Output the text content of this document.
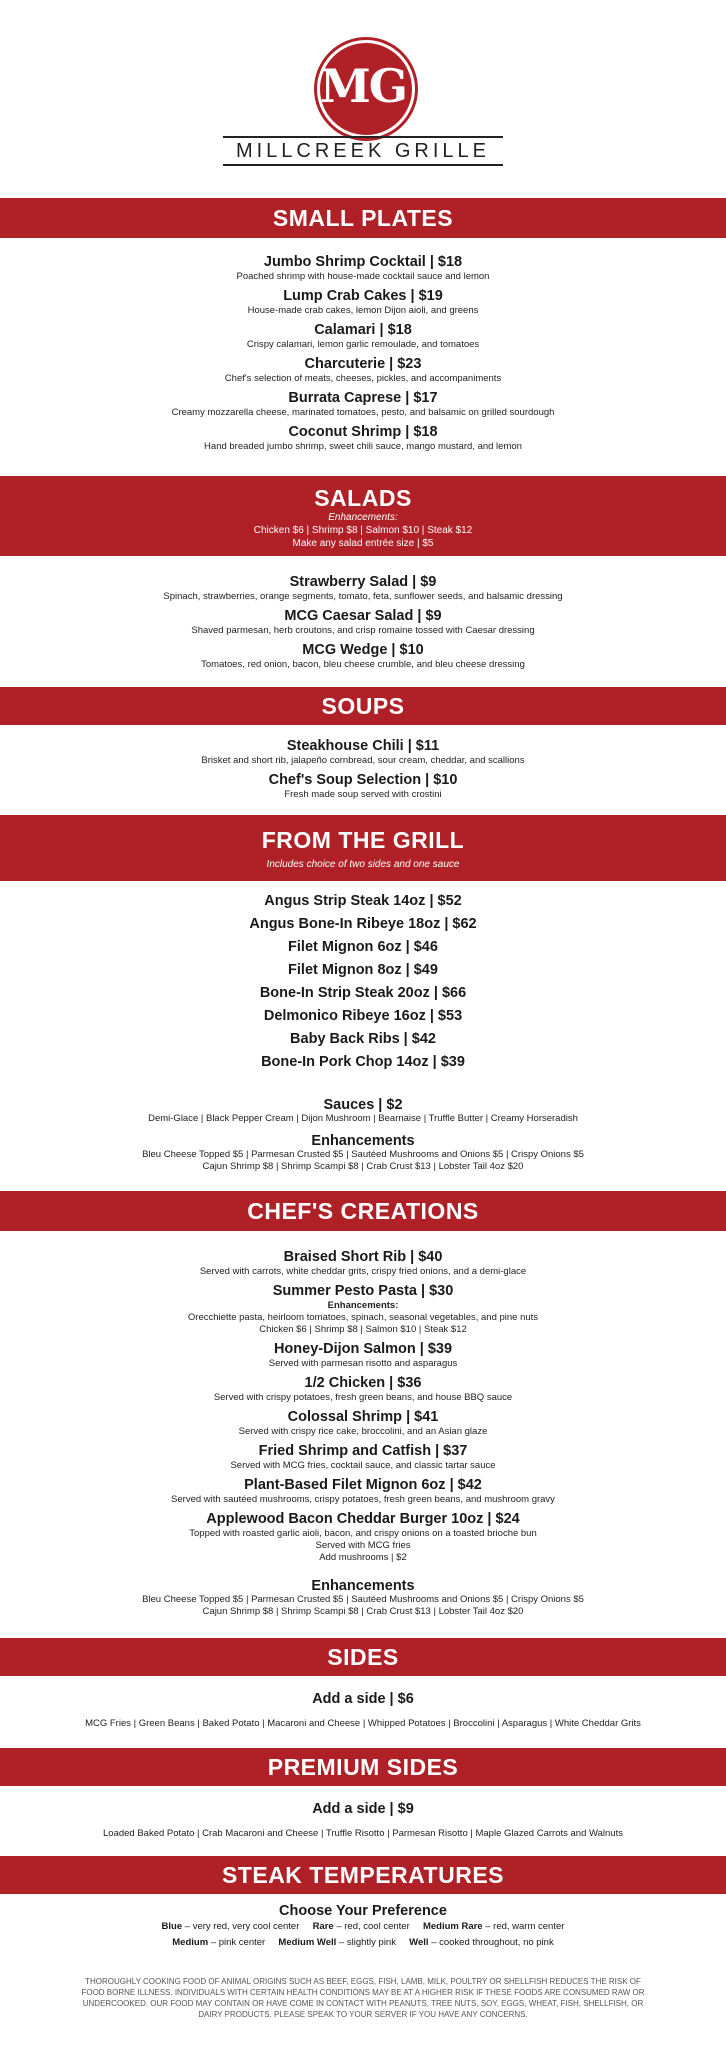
MG
MILLCREEK GRILLE
SMALL PLATES
Jumbo Shrimp Cocktail | $18
Poached shrimp with house-made cocktail sauce and lemon
Lump Crab Cakes | $19
House-made crab cakes, lemon Dijon aioli, and greens
Calamari | $18
Crispy calamari, lemon garlic remoulade, and tomatoes
Charcuterie | $23
Chef's selection of meats, cheeses, pickles, and accompaniments
Burrata Caprese | $17
Creamy mozzarella cheese, marinated tomatoes, pesto, and balsamic on grilled sourdough
Coconut Shrimp | $18
Hand breaded jumbo shrimp, sweet chili sauce, mango mustard, and lemon
SALADS
Enhancements:
Chicken $6 | Shrimp $8 | Salmon $10 | Steak $12
Make any salad entrée size | $5
Strawberry Salad | $9
Spinach, strawberries, orange segments, tomato, feta, sunflower seeds, and balsamic dressing
MCG Caesar Salad | $9
Shaved parmesan, herb croutons, and crisp romaine tossed with Caesar dressing
MCG Wedge | $10
Tomatoes, red onion, bacon, bleu cheese crumble, and bleu cheese dressing
SOUPS
Steakhouse Chili | $11
Brisket and short rib, jalapeño cornbread, sour cream, cheddar, and scallions
Chef's Soup Selection | $10
Fresh made soup served with crostini
FROM THE GRILL
Includes choice of two sides and one sauce
Angus Strip Steak 14oz | $52
Angus Bone-In Ribeye 18oz | $62
Filet Mignon 6oz | $46
Filet Mignon 8oz | $49
Bone-In Strip Steak 20oz | $66
Delmonico Ribeye 16oz | $53
Baby Back Ribs | $42
Bone-In Pork Chop 14oz | $39
Sauces | $2
Demi-Glace | Black Pepper Cream | Dijon Mushroom | Bearnaise | Truffle Butter | Creamy Horseradish
Enhancements
Bleu Cheese Topped $5 | Parmesan Crusted $5 | Sautéed Mushrooms and Onions $5 | Crispy Onions $5
Cajun Shrimp $8 | Shrimp Scampi $8 | Crab Crust $13 | Lobster Tail 4oz $20
CHEF'S CREATIONS
Braised Short Rib | $40
Served with carrots, white cheddar grits, crispy fried onions, and a demi-glace
Summer Pesto Pasta | $30
Enhancements:
Orecchiette pasta, heirloom tomatoes, spinach, seasonal vegetables, and pine nuts
Chicken $6 | Shrimp $8 | Salmon $10 | Steak $12
Honey-Dijon Salmon | $39
Served with parmesan risotto and asparagus
1/2 Chicken | $36
Served with crispy potatoes, fresh green beans, and house BBQ sauce
Colossal Shrimp | $41
Served with crispy rice cake, broccolini, and an Asian glaze
Fried Shrimp and Catfish | $37
Served with MCG fries, cocktail sauce, and classic tartar sauce
Plant-Based Filet Mignon 6oz | $42
Served with sautéed mushrooms, crispy potatoes, fresh green beans, and mushroom gravy
Applewood Bacon Cheddar Burger 10oz | $24
Topped with roasted garlic aioli, bacon, and crispy onions on a toasted brioche bun
Served with MCG fries
Add mushrooms | $2
Enhancements
Bleu Cheese Topped $5 | Parmesan Crusted $5 | Sautéed Mushrooms and Onions $5 | Crispy Onions $5
Cajun Shrimp $8 | Shrimp Scampi $8 | Crab Crust $13 | Lobster Tail 4oz $20
SIDES
Add a side | $6
MCG Fries | Green Beans | Baked Potato | Macaroni and Cheese | Whipped Potatoes | Broccolini | Asparagus | White Cheddar Grits
PREMIUM SIDES
Add a side | $9
Loaded Baked Potato | Crab Macaroni and Cheese | Truffle Risotto | Parmesan Risotto | Maple Glazed Carrots and Walnuts
STEAK TEMPERATURES
Choose Your Preference
Blue – very red, very cool center Rare – red, cool center Medium Rare – red, warm center
Medium – pink center Medium Well – slightly pink Well – cooked throughout, no pink
THOROUGHLY COOKING FOOD OF ANIMAL ORIGINS SUCH AS BEEF, EGGS, FISH, LAMB, MILK, POULTRY OR SHELLFISH REDUCES THE RISK OF FOOD BORNE ILLNESS. INDIVIDUALS WITH CERTAIN HEALTH CONDITIONS MAY BE AT A HIGHER RISK IF THESE FOODS ARE CONSUMED RAW OR UNDERCOOKED. OUR FOOD MAY CONTAIN OR HAVE COME IN CONTACT WITH PEANUTS, TREE NUTS, SOY, EGGS, WHEAT, FISH, SHELLFISH, OR DAIRY PRODUCTS. PLEASE SPEAK TO YOUR SERVER IF YOU HAVE ANY CONCERNS.
